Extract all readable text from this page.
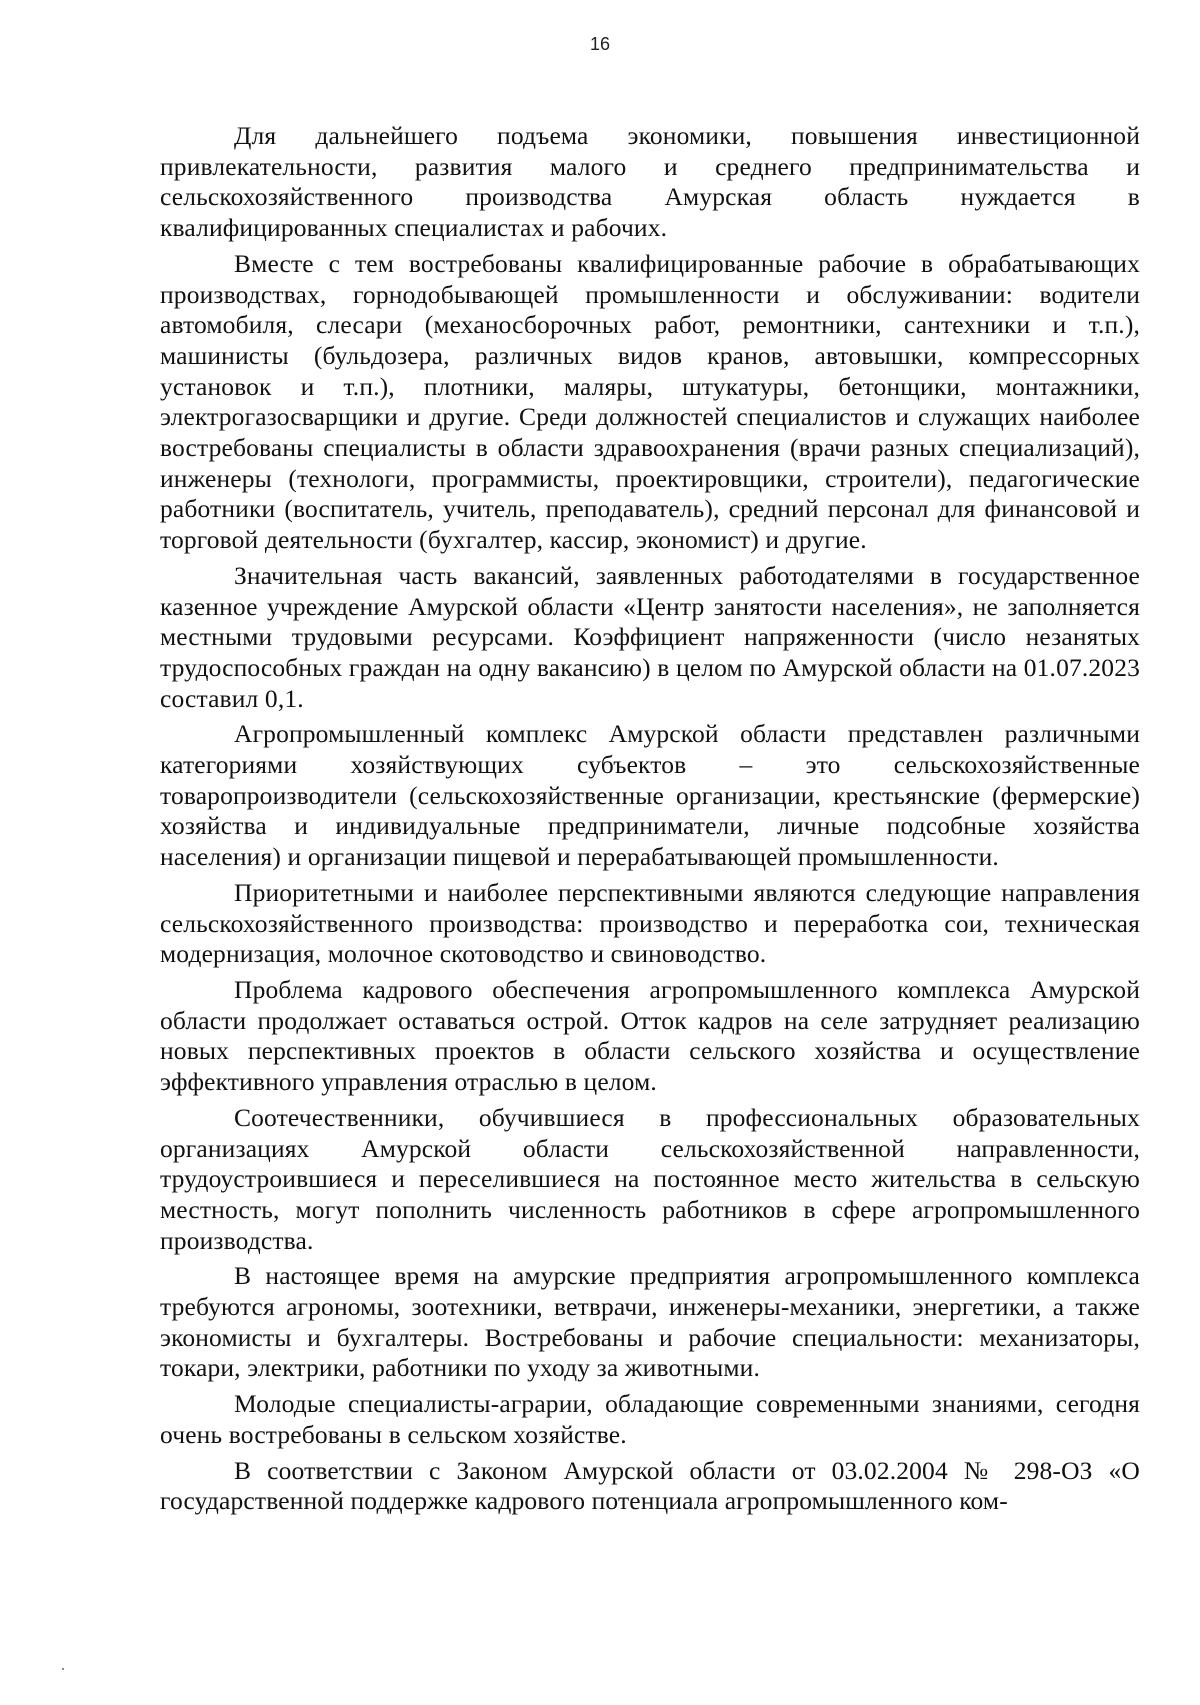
16

Для дальнейшего подъема экономики, повышения инвестиционной привлекательности, развития малого и среднего предпринимательства и сельскохозяйственного производства Амурская область нуждается в квалифицированных специалистах и рабочих.

Вместе с тем востребованы квалифицированные рабочие в обрабатывающих производствах, горнодобывающей промышленности и обслуживании: водители автомобиля, слесари (механосборочных работ, ремонтники, сантехники и т.п.), машинисты (бульдозера, различных видов кранов, автовышки, компрессорных установок и т.п.), плотники, маляры, штукатуры, бетонщики, монтажники, электрогазосварщики и другие. Среди должностей специалистов и служащих наиболее востребованы специалисты в области здравоохранения (врачи разных специализаций), инженеры (технологи, программисты, проектировщики, строители), педагогические работники (воспитатель, учитель, преподаватель), средний персонал для финансовой и торговой деятельности (бухгалтер, кассир, экономист) и другие.

Значительная часть вакансий, заявленных работодателями в государственное казенное учреждение Амурской области «Центр занятости населения», не заполняется местными трудовыми ресурсами. Коэффициент напряженности (число незанятых трудоспособных граждан на одну вакансию) в целом по Амурской области на 01.07.2023 составил 0,1.

Агропромышленный комплекс Амурской области представлен различными категориями хозяйствующих субъектов – это сельскохозяйственные товаропроизводители (сельскохозяйственные организации, крестьянские (фермерские) хозяйства и индивидуальные предприниматели, личные подсобные хозяйства населения) и организации пищевой и перерабатывающей промышленности.

Приоритетными и наиболее перспективными являются следующие направления сельскохозяйственного производства: производство и переработка сои, техническая модернизация, молочное скотоводство и свиноводство.

Проблема кадрового обеспечения агропромышленного комплекса Амурской области продолжает оставаться острой. Отток кадров на селе затрудняет реализацию новых перспективных проектов в области сельского хозяйства и осуществление эффективного управления отраслью в целом.

Соотечественники, обучившиеся в профессиональных образовательных организациях Амурской области сельскохозяйственной направленности, трудоустроившиеся и переселившиеся на постоянное место жительства в сельскую местность, могут пополнить численность работников в сфере агропромышленного производства.

В настоящее время на амурские предприятия агропромышленного комплекса требуются агрономы, зоотехники, ветврачи, инженеры-механики, энергетики, а также экономисты и бухгалтеры. Востребованы и рабочие специальности: механизаторы, токари, электрики, работники по уходу за животными.

Молодые специалисты-аграрии, обладающие современными знаниями, сегодня очень востребованы в сельском хозяйстве.

В соответствии с Законом Амурской области от 03.02.2004 № 298-ОЗ «О государственной поддержке кадрового потенциала агропромышленного ком-
